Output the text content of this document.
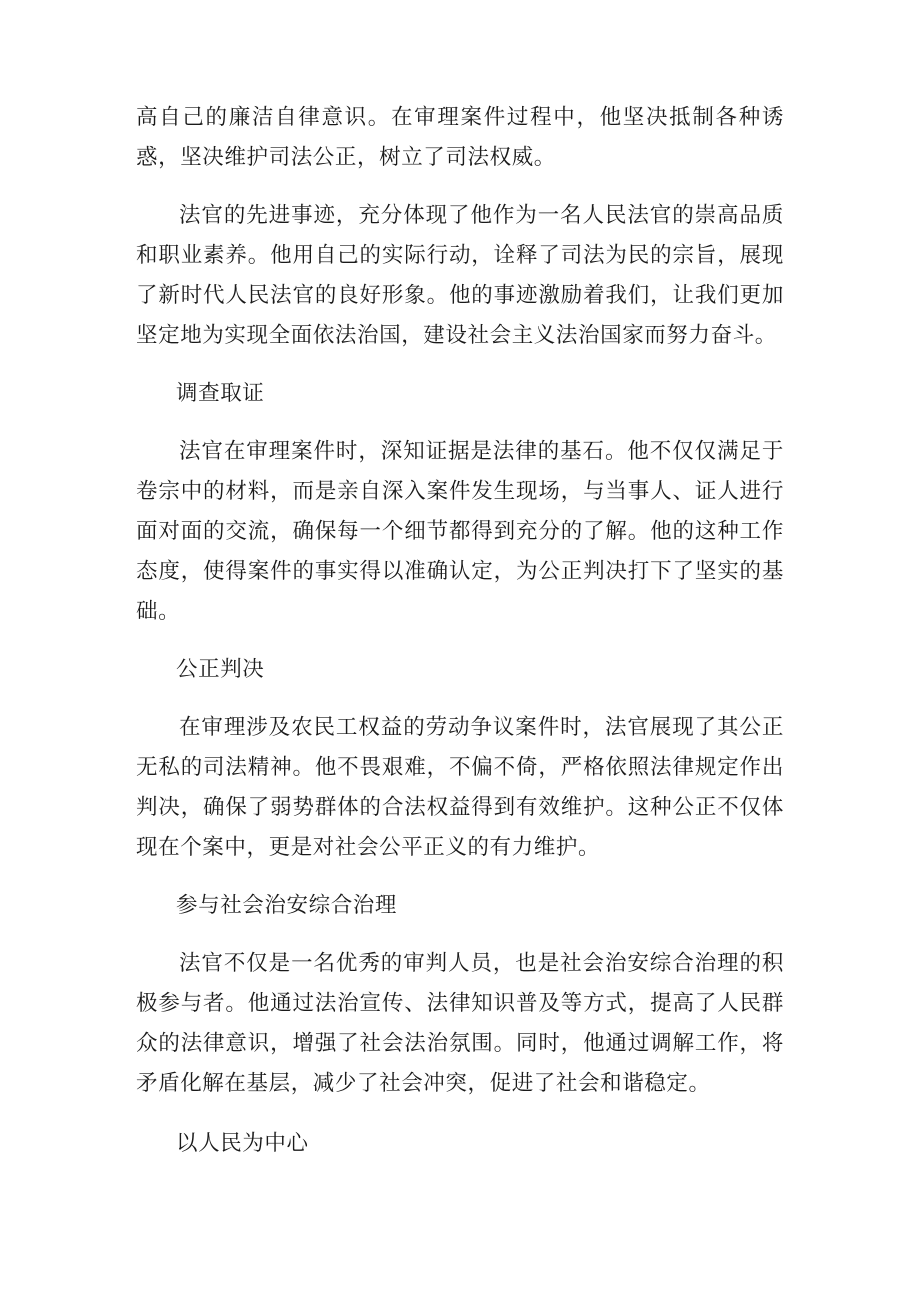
高自己的廉洁自律意识。在审理案件过程中，他坚决抵制各种诱惑，坚决维护司法公正，树立了司法权威。

法官的先进事迹，充分体现了他作为一名人民法官的崇高品质和职业素养。他用自己的实际行动，诠释了司法为民的宗旨，展现了新时代人民法官的良好形象。他的事迹激励着我们，让我们更加坚定地为实现全面依法治国，建设社会主义法治国家而努力奋斗。

调查取证

法官在审理案件时，深知证据是法律的基石。他不仅仅满足于卷宗中的材料，而是亲自深入案件发生现场，与当事人、证人进行面对面的交流，确保每一个细节都得到充分的了解。他的这种工作态度，使得案件的事实得以准确认定，为公正判决打下了坚实的基础。

公正判决

在审理涉及农民工权益的劳动争议案件时，法官展现了其公正无私的司法精神。他不畏艰难，不偏不倚，严格依照法律规定作出判决，确保了弱势群体的合法权益得到有效维护。这种公正不仅体现在个案中，更是对社会公平正义的有力维护。

参与社会治安综合治理

法官不仅是一名优秀的审判人员，也是社会治安综合治理的积极参与者。他通过法治宣传、法律知识普及等方式，提高了人民群众的法律意识，增强了社会法治氛围。同时，他通过调解工作，将矛盾化解在基层，减少了社会冲突，促进了社会和谐稳定。

以人民为中心
